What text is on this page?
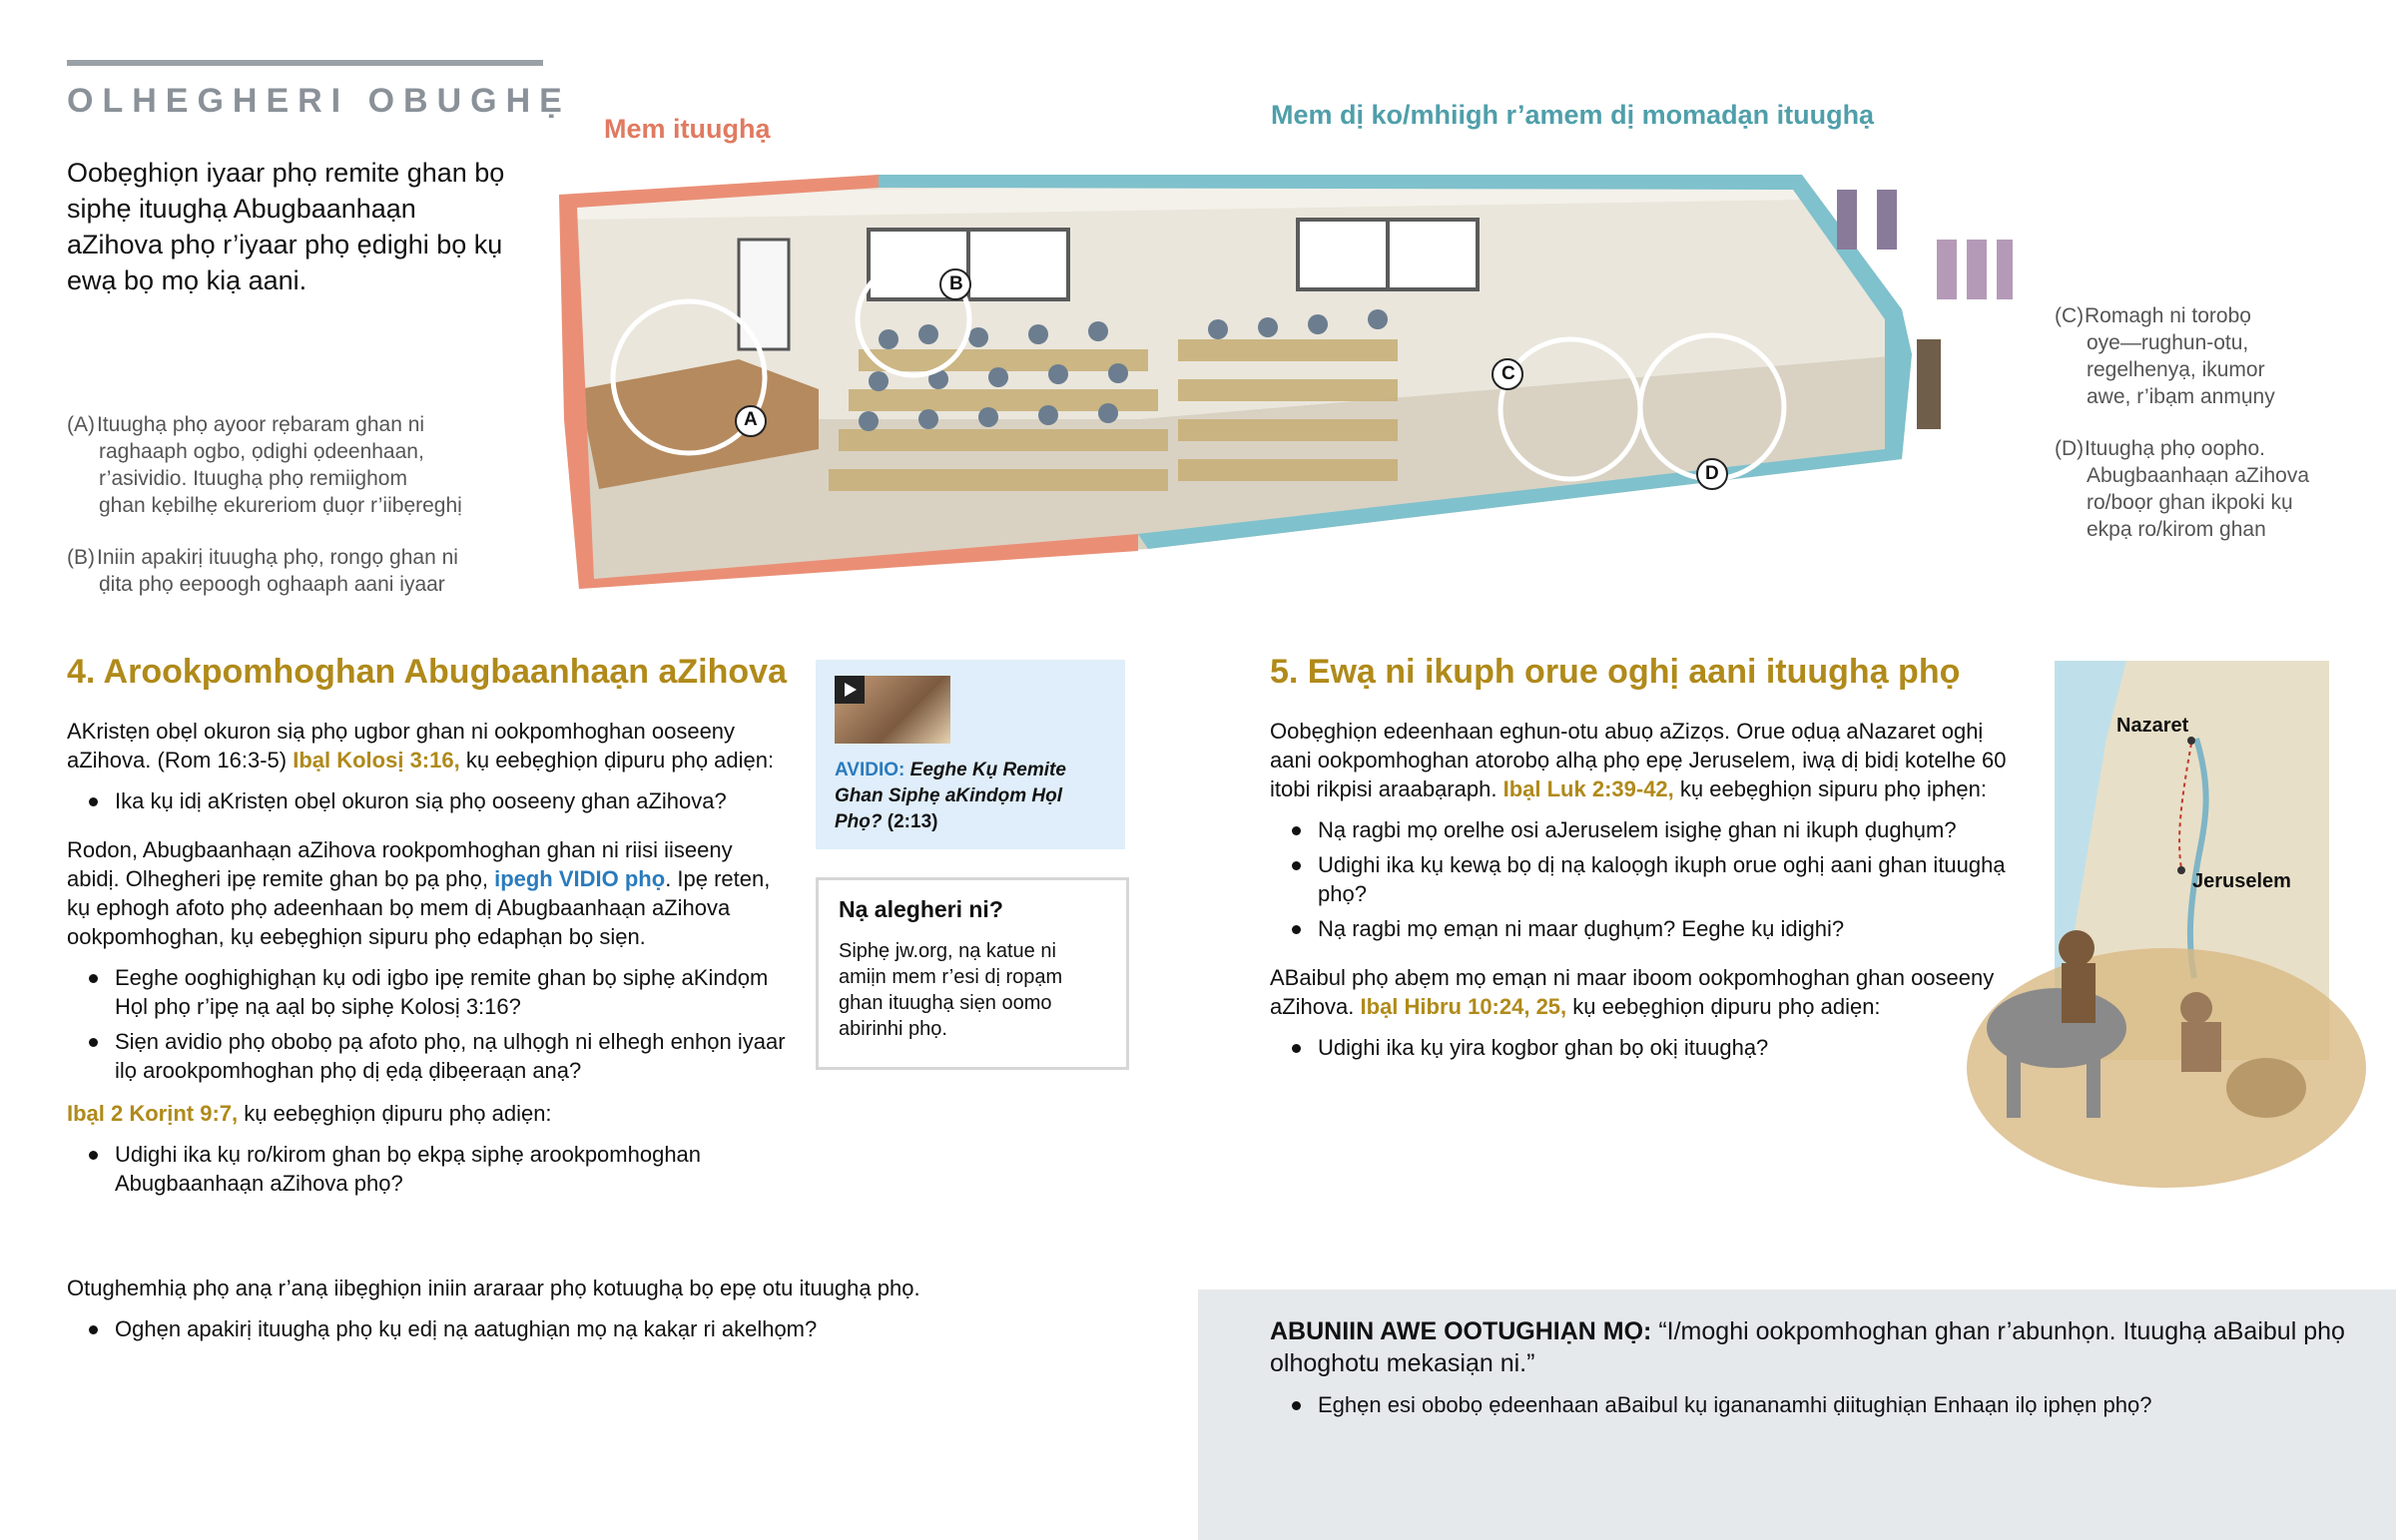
OLHEGHERI OBUGHẸ
Oobẹghiọn iyaar phọ remite ghan bọ siphẹ ituughạ Abugbaanhaạn aZihova phọ r’iyaar phọ ẹdighi bọ kụ ewạ bọ mọ kiạ aani.
Mem ituughạ	Mem dị ko/mhiigh r’amem dị momadạn ituughạ
A
B
C
D
(A)Ituughạ phọ ayoor rẹbaram ghan ni
raghaaph ogbo, ọdighi ọdeenhaan,
r’asividio. Ituughạ phọ remiighom
ghan kẹbilhẹ ekureriom ḍuọr r’iibẹreghị
(B)Iniin apakirị ituughạ phọ, rongọ ghan ni
ḍita phọ eepoogh oghaaph aani iyaar
(C)Romagh ni torobọ
oye—rughun-otu,
regelhenyạ, ikumor
awe, r’ibạm anmụny
(D)Ituughạ phọ oopho.
Abugbaanhaạn aZihova
ro/boọr ghan ikpoki kụ
ekpạ ro/kirom ghan
4. Arookpomhoghan Abugbaanhaạn aZihova

AKristẹn obẹl okuron siạ phọ ugbor ghan ni ookpomhoghan ooseeny aZihova. (Rom 16:3-5) Ibạl Kolosị 3:16, kụ eebẹghiọn ḍipuru phọ adiẹn:

Ika kụ idị aKristẹn obẹl okuron siạ phọ ooseeny ghan aZihova?

Rodon, Abugbaanhaạn aZihova rookpomhoghan ghan ni riisi iiseeny abidị. Olhegheri ipẹ remite ghan bọ pạ phọ, ipegh VIDIO phọ. Ipẹ reten, kụ ephogh afoto phọ adeenhaan bọ mem dị Abugbaanhaạn aZihova ookpomhoghan, kụ eebẹghiọn sipuru phọ edaphạn bọ siẹn.

Eeghe ooghighighạn kụ odi igbo ipẹ remite ghan bọ siphẹ aKindọm Họl phọ r’ipẹ nạ aạl bọ siphẹ Kolosị 3:16?
Siẹn avidio phọ obobọ pạ afoto phọ, nạ ulhọgh ni elhegh enhọn iyaar ilọ arookpomhoghan phọ dị ẹdạ ḍibẹeraạn anạ?

Ibạl 2 Korịnt 9:7, kụ eebẹghiọn ḍipuru phọ adiẹn:

Udighi ika kụ ro/kirom ghan bọ ekpạ siphẹ arookpomhoghan Abugbaanhaạn aZihova phọ?

Otughemhiạ phọ anạ r’anạ iibẹghiọn iniin araraar phọ kotuughạ bọ epẹ otu ituughạ phọ.

Oghẹn apakirị ituughạ phọ kụ edị nạ aatughiạn mọ nạ kakạr ri akelhọm?
AVIDIO: Eeghe Kụ Remite Ghan Siphẹ aKindọm Họl Phọ? (2:13)
Nạ alegheri ni?
Siphẹ jw.org, nạ katue ni amiịn mem r’esi dị ropạm ghan ituughạ siẹn oomo abirinhi phọ.
5. Ewạ ni ikuph orue oghị aani ituughạ phọ

Oobẹghiọn edeenhaan eghun-otu abuọ aZizọs. Orue oḍuạ aNazaret oghị aani ookpomhoghan atorobọ alhạ phọ epẹ Jeruselem, iwạ dị bidị kotelhe 60 itobi rikpisi araabạraph. Ibạl Luk 2:39-42, kụ eebẹghiọn sipuru phọ iphẹn:

Nạ ragbi mọ orelhe osi aJeruselem isighẹ ghan ni ikuph ḍughụm?
Udighi ika kụ kewạ bọ dị nạ kaloọgh ikuph orue oghị aani ghan ituughạ phọ?
Nạ ragbi mọ emạn ni maar ḍughụm? Eeghe kụ idighi?

ABaibul phọ abẹm mọ emạn ni maar iboom ookpomhoghan ghan ooseeny aZihova. Ibạl Hibru 10:24, 25, kụ eebẹghiọn ḍipuru phọ adiẹn:

Udighi ika kụ yira kogbor ghan bọ okị ituughạ?
Nazaret
Jeruselem
ABUNIIN AWE OOTUGHIẠN MỌ: “I/moghi ookpomhoghan ghan r’abunhọn. Ituughạ aBaibul phọ olhoghotu mekasiạn ni.”
Eghẹn esi obobọ ẹdeenhaan aBaibul kụ igananamhi ḍiitughiạn Enhaạn ilọ iphẹn phọ?
